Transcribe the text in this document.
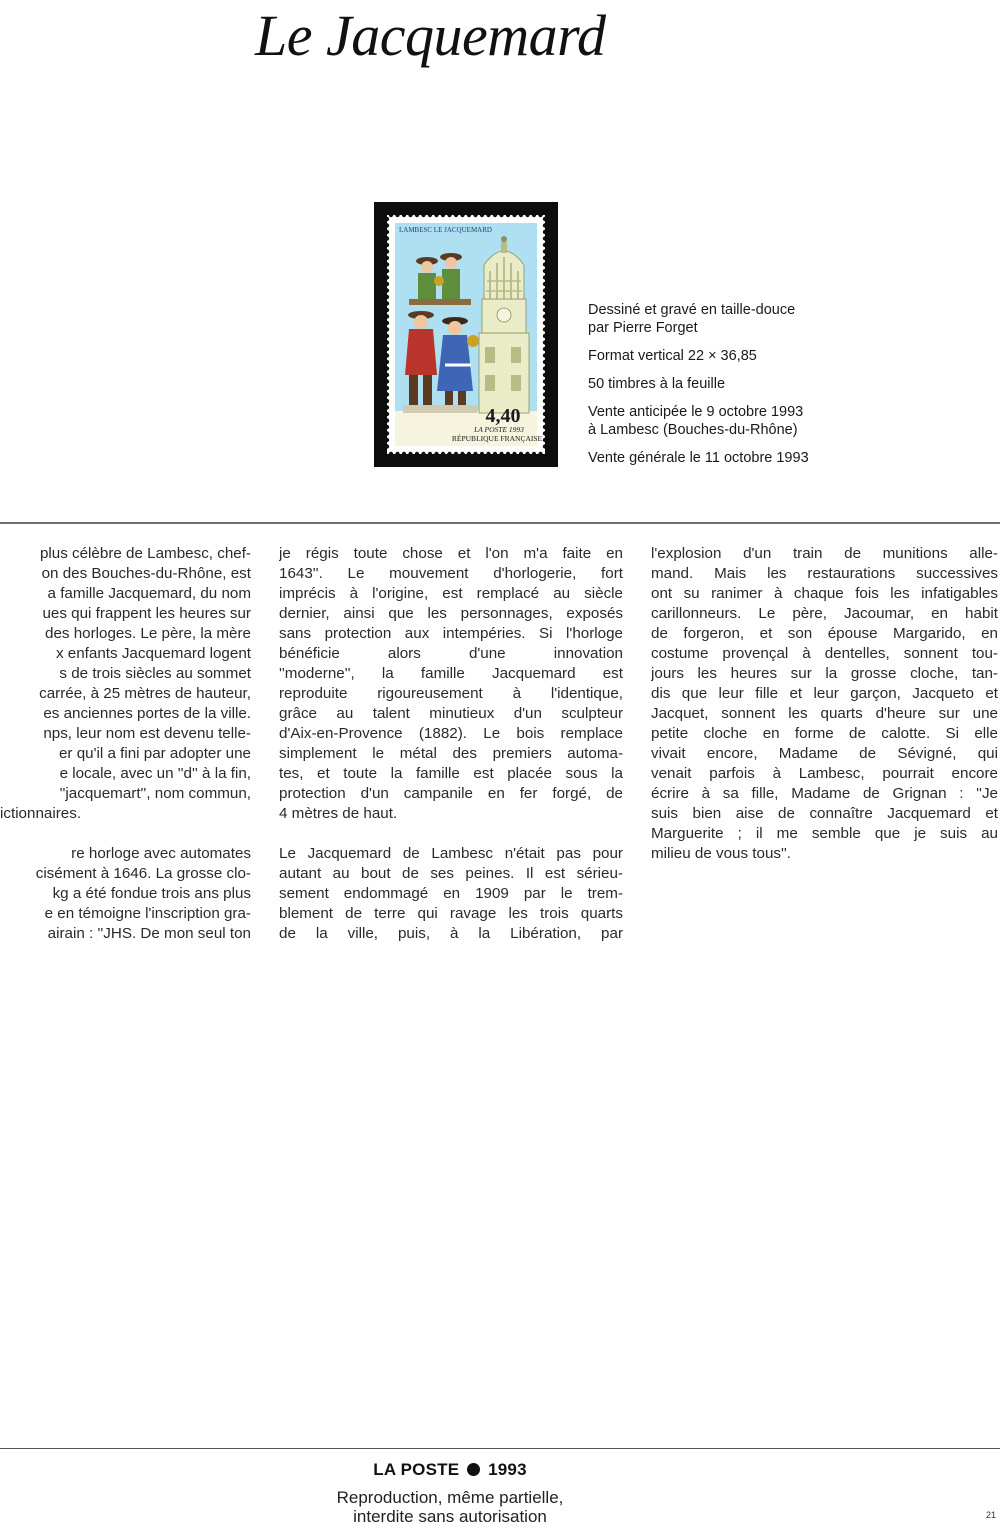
Le Jacquemard
LAMBESC LE JACQUEMARD
4,40
LA POSTE 1993
RÉPUBLIQUE FRANÇAISE

Dessiné et gravé en taille-douce
par Pierre Forget

Format vertical 22 × 36,85

50 timbres à la feuille

Vente anticipée le 9 octobre 1993
à Lambesc (Bouches-du-Rhône)

Vente générale le 11 octobre 1993

plus célèbre de Lambesc, chef-
on des Bouches-du-Rhône, est
a famille Jacquemard, du nom
ues qui frappent les heures sur
des horloges. Le père, la mère
x enfants Jacquemard logent
s de trois siècles au sommet
carrée, à 25 mètres de hauteur,
es anciennes portes de la ville.
nps, leur nom est devenu telle-
er qu'il a fini par adopter une
e locale, avec un ''d'' à la fin,
''jacquemart'', nom commun,
ictionnaires.
re horloge avec automates
cisément à 1646. La grosse clo-
kg a été fondue trois ans plus
e en témoigne l'inscription gra-
airain : ''JHS. De mon seul ton
je régis toute chose et l'on m'a faite en
1643''. Le mouvement d'horlogerie, fort
imprécis à l'origine, est remplacé au siècle
dernier, ainsi que les personnages, exposés
sans protection aux intempéries. Si l'horloge
bénéficie alors d'une innovation
''moderne'', la famille Jacquemard est
reproduite rigoureusement à l'identique,
grâce au talent minutieux d'un sculpteur
d'Aix-en-Provence (1882). Le bois remplace
simplement le métal des premiers automa-
tes, et toute la famille est placée sous la
protection d'un campanile en fer forgé, de
4 mètres de haut.
Le Jacquemard de Lambesc n'était pas pour
autant au bout de ses peines. Il est sérieu-
sement endommagé en 1909 par le trem-
blement de terre qui ravage les trois quarts
de la ville, puis, à la Libération, par
l'explosion d'un train de munitions alle-
mand. Mais les restaurations successives
ont su ranimer à chaque fois les infatigables
carillonneurs. Le père, Jacoumar, en habit
de forgeron, et son épouse Margarido, en
costume provençal à dentelles, sonnent tou-
jours les heures sur la grosse cloche, tan-
dis que leur fille et leur garçon, Jacqueto et
Jacquet, sonnent les quarts d'heure sur une
petite cloche en forme de calotte. Si elle
vivait encore, Madame de Sévigné, qui
venait parfois à Lambesc, pourrait encore
écrire à sa fille, Madame de Grignan : ''Je
suis bien aise de connaître Jacquemard et
Marguerite ; il me semble que je suis au
milieu de vous tous''.
LA POSTE 1993
Reproduction, même partielle,
interdite sans autorisation	21
